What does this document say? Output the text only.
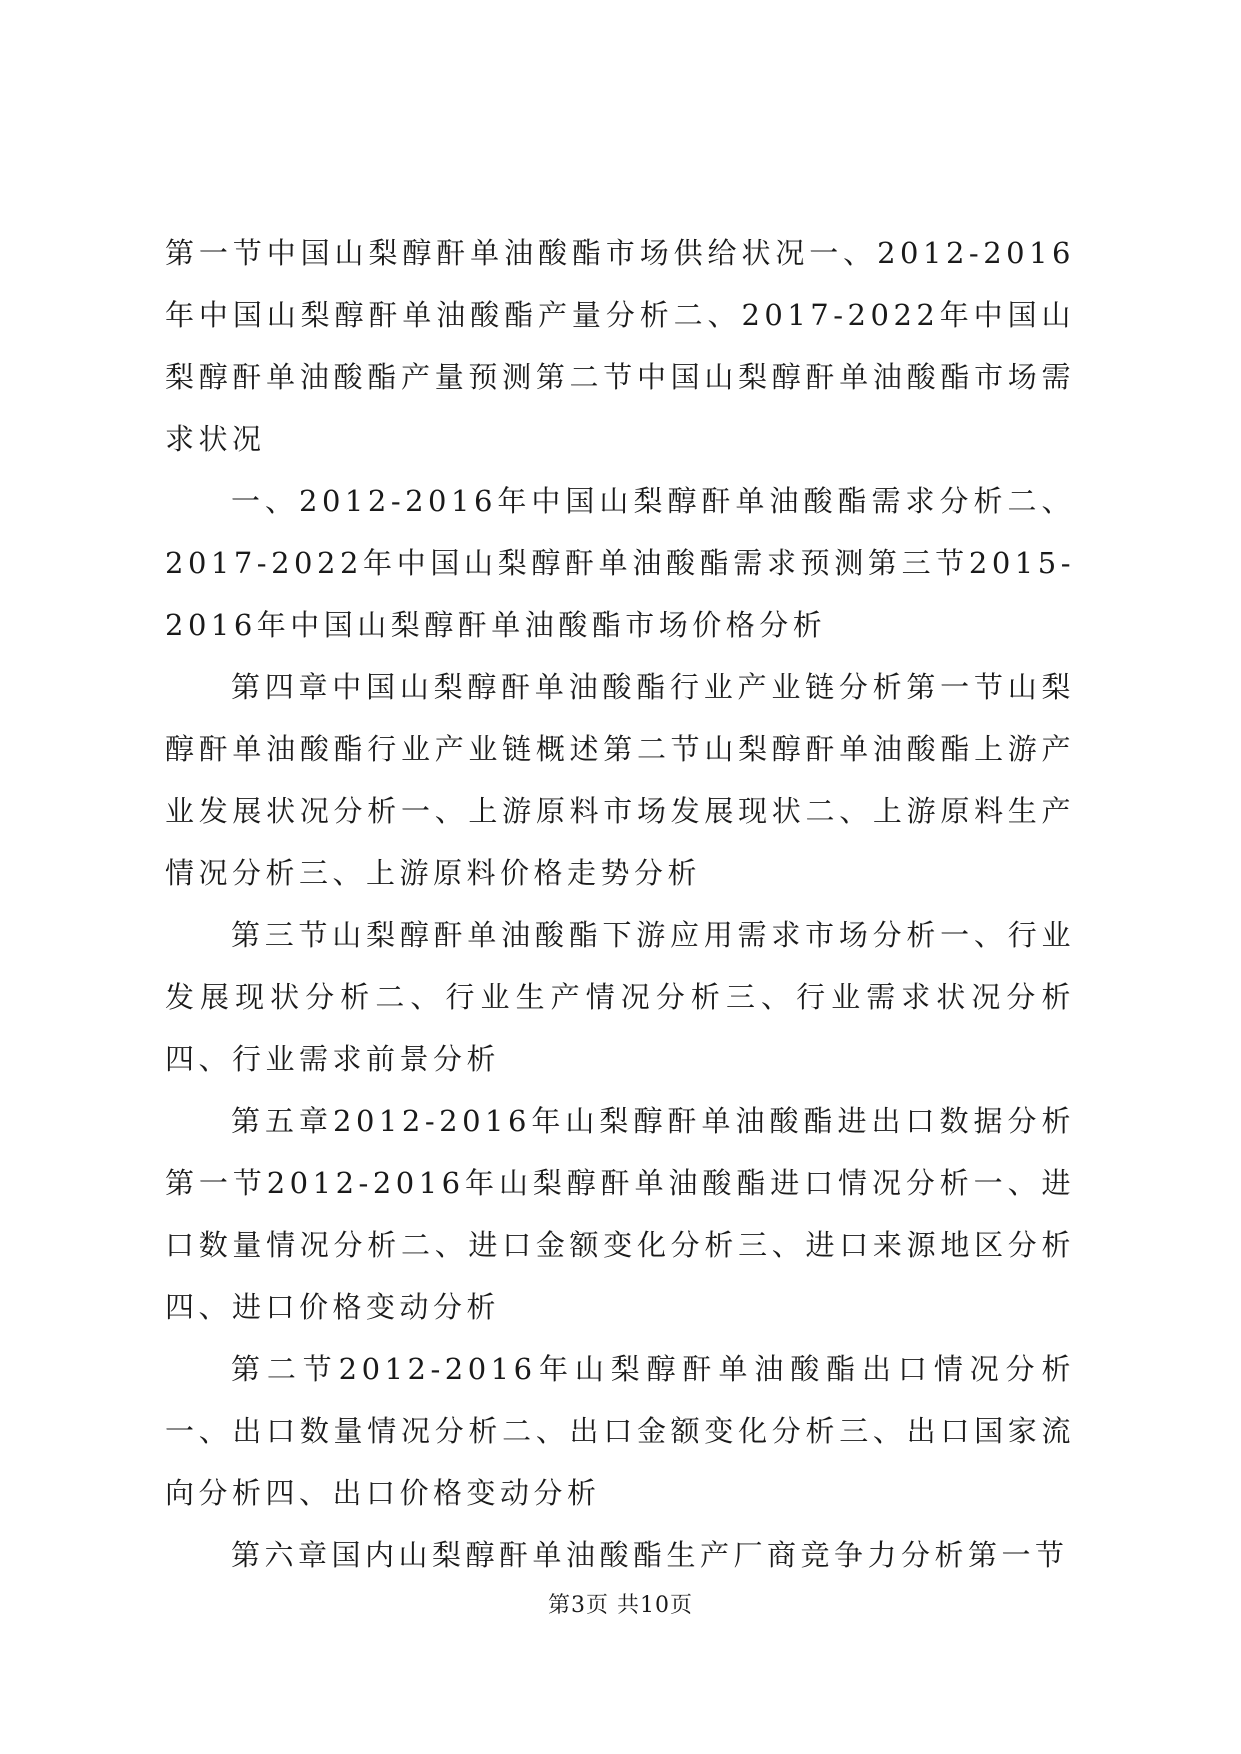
第一节中国山梨醇酐单油酸酯市场供给状况一、2012-2016年中国山梨醇酐单油酸酯产量分析二、2017-2022年中国山梨醇酐单油酸酯产量预测第二节中国山梨醇酐单油酸酯市场需求状况

一、2012-2016年中国山梨醇酐单油酸酯需求分析二、2017-2022年中国山梨醇酐单油酸酯需求预测第三节2015-2016年中国山梨醇酐单油酸酯市场价格分析

第四章中国山梨醇酐单油酸酯行业产业链分析第一节山梨醇酐单油酸酯行业产业链概述第二节山梨醇酐单油酸酯上游产业发展状况分析一、上游原料市场发展现状二、上游原料生产情况分析三、上游原料价格走势分析

第三节山梨醇酐单油酸酯下游应用需求市场分析一、行业发展现状分析二、行业生产情况分析三、行业需求状况分析四、行业需求前景分析

第五章2012-2016年山梨醇酐单油酸酯进出口数据分析第一节2012-2016年山梨醇酐单油酸酯进口情况分析一、进口数量情况分析二、进口金额变化分析三、进口来源地区分析四、进口价格变动分析

第二节2012-2016年山梨醇酐单油酸酯出口情况分析一、出口数量情况分析二、出口金额变化分析三、出口国家流向分析四、出口价格变动分析

第六章国内山梨醇酐单油酸酯生产厂商竞争力分析第一节

第3页 共10页
